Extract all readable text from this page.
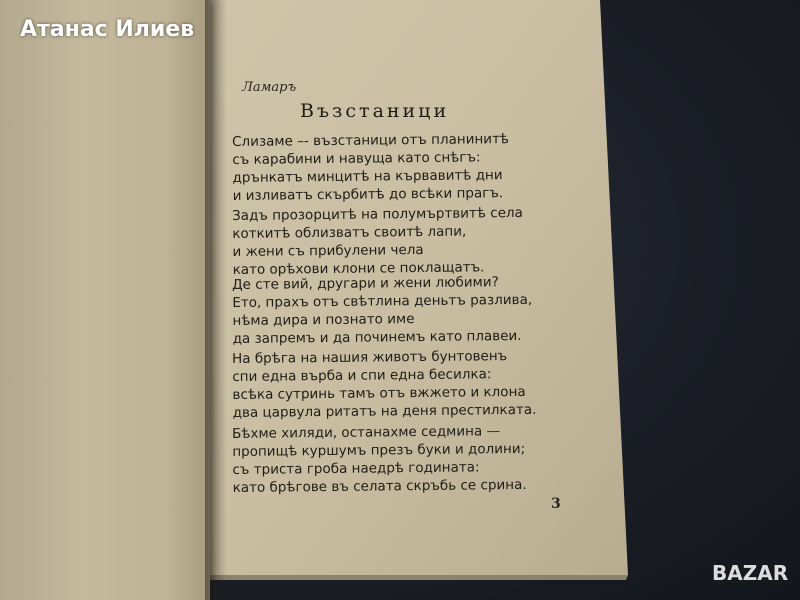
Атанас Илиев
Ламаръ
Възстаници
Слизаме –- възстаници отъ планинитѣ
съ карабини и навуща като снѣгъ:
дрънкатъ минцитѣ на кървавитѣ дни
и изливатъ скърбитѣ до всѣки прагъ.
Задъ прозорцитѣ на полумъртвитѣ села
коткитѣ облизватъ своитѣ лапи,
и жени съ прибулени чела
като орѣхови клони се поклащатъ.
Де сте вий, другари и жени любими?
Ето, прахъ отъ свѣтлина деньтъ разлива,
нѣма дира и познато име
да запремъ и да починемъ като плавеи.
На брѣга на нашия животъ бунтовенъ
спи една върба и спи една бесилка:
всѣка сутринь тамъ отъ вжжето и клона
два царвула ритатъ на деня престилката.
Бѣхме хиляди, останахме седмина —
пропищѣ куршумъ презъ буки и долини;
съ триста гроба наедрѣ годината:
като брѣгове въ селата скръбь се срина.
3
BAZAR
